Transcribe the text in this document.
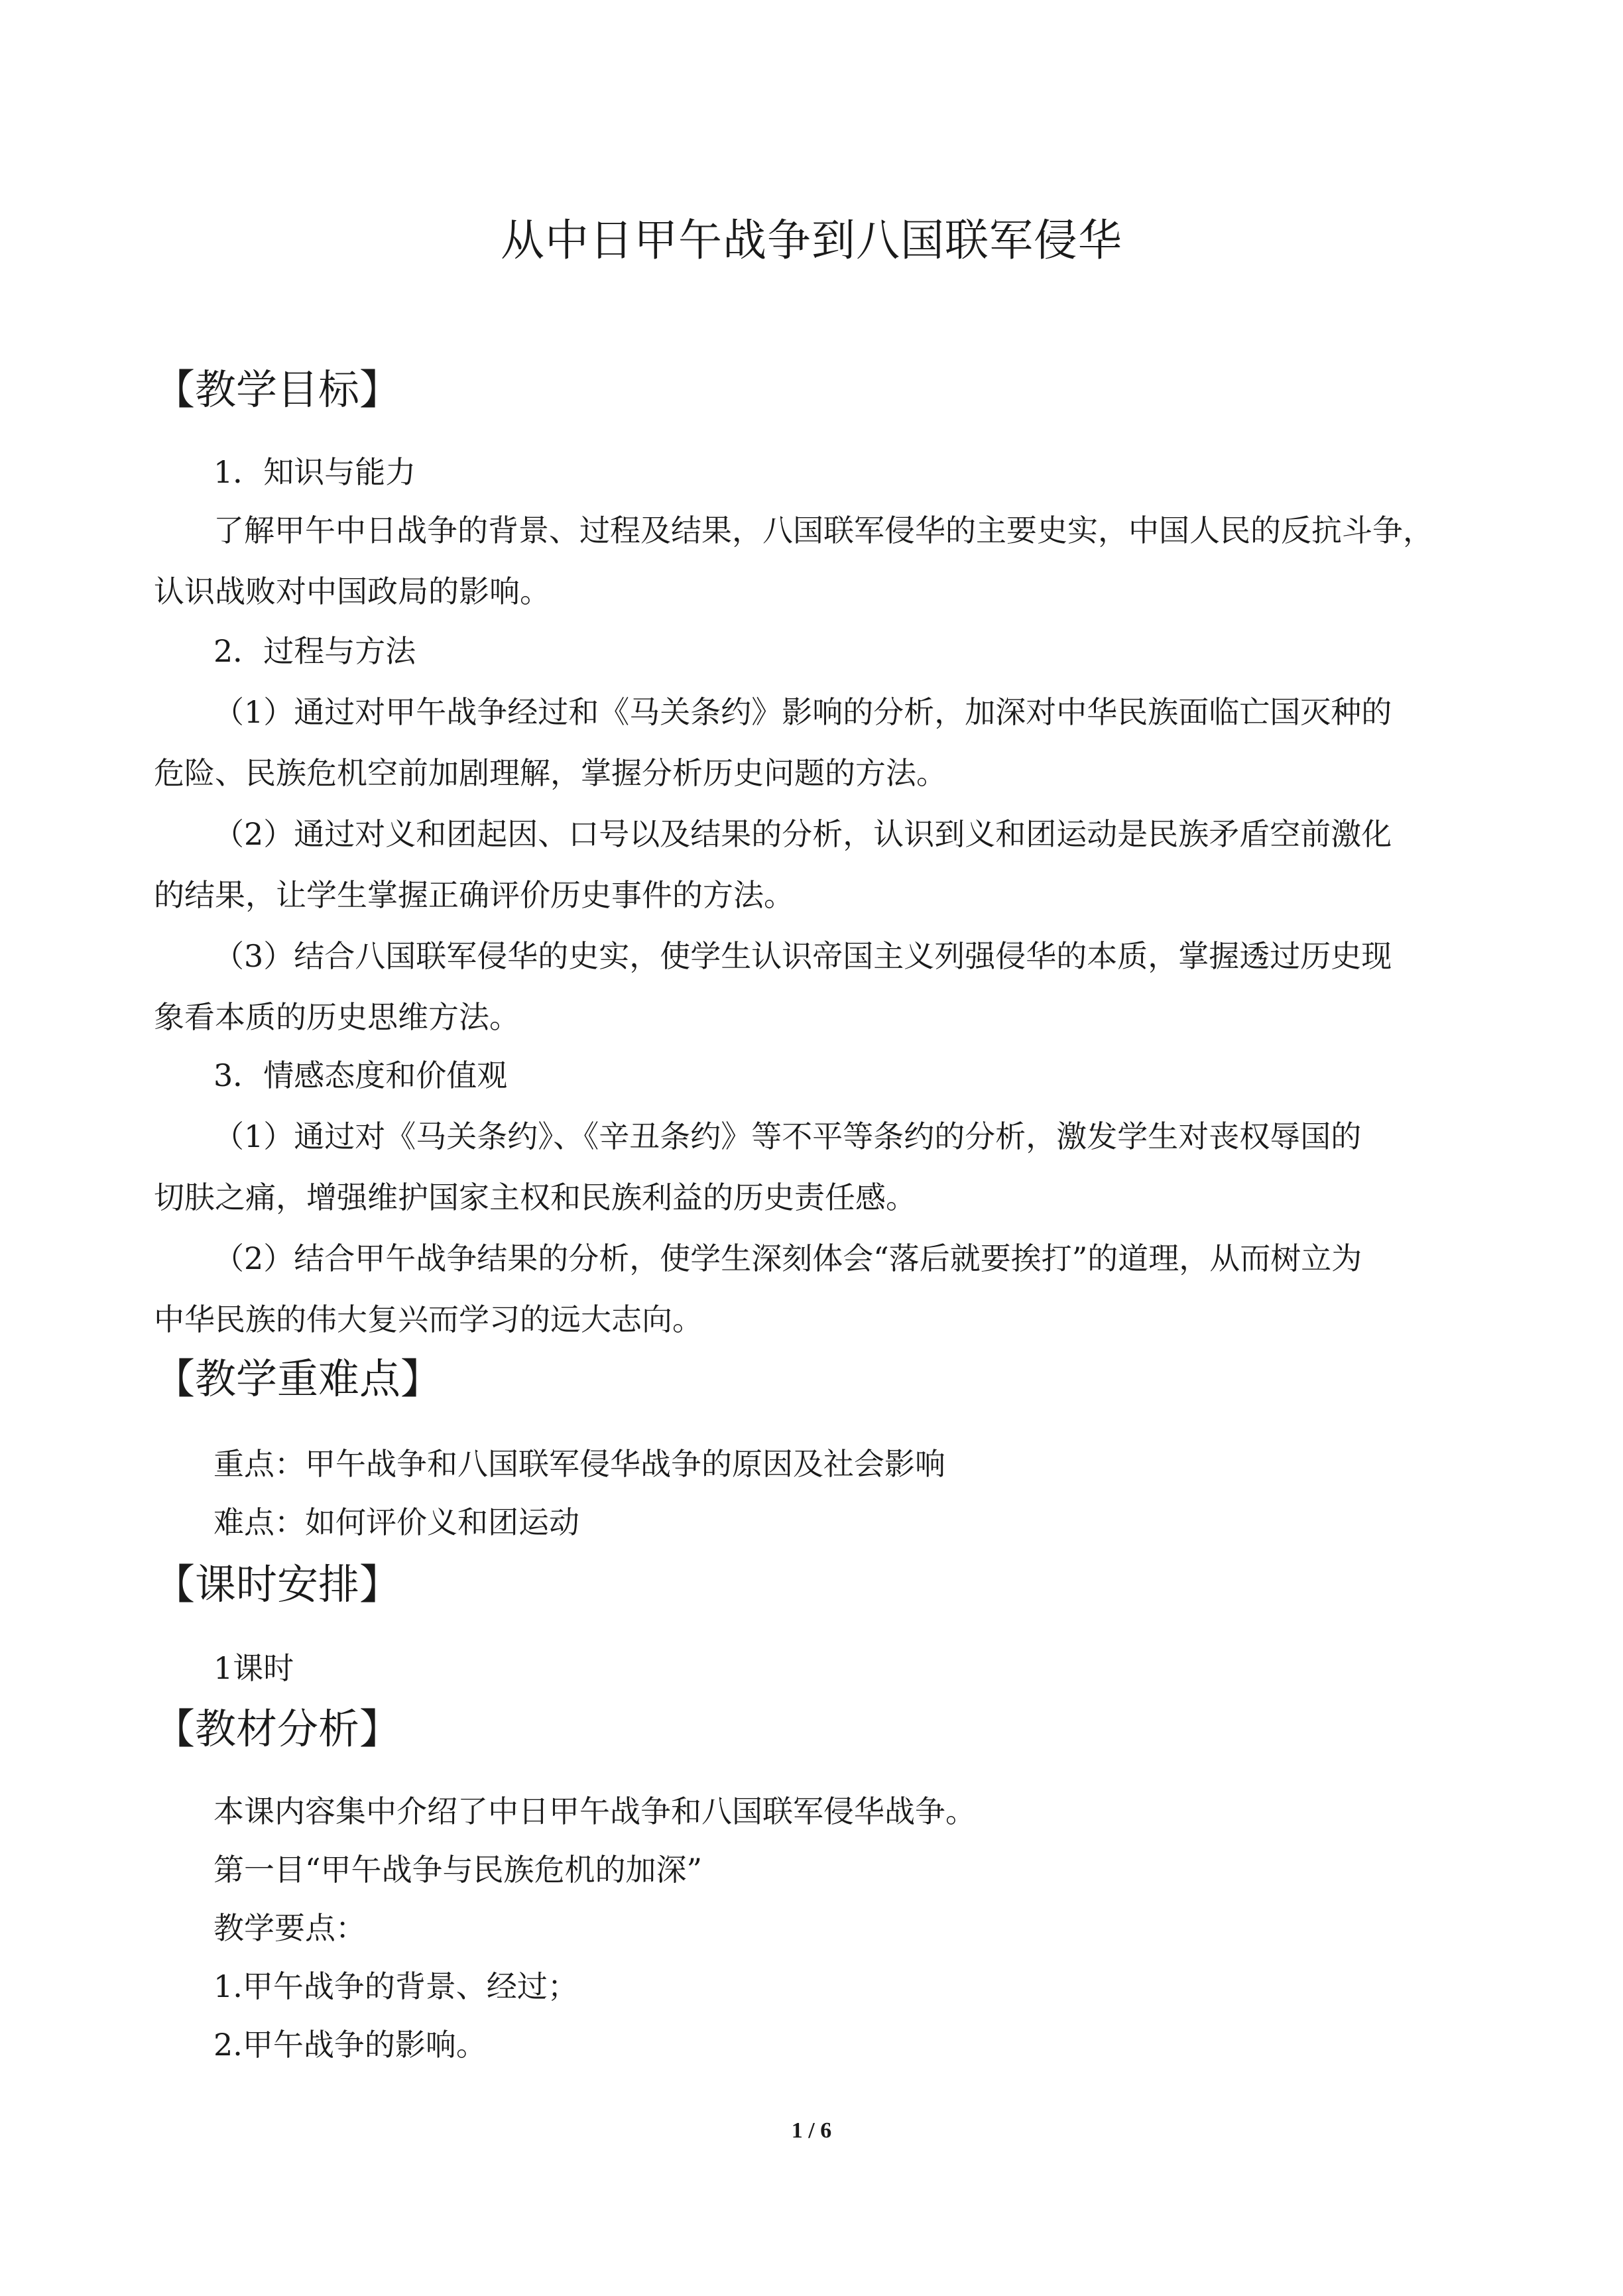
从中日甲午战争到八国联军侵华
【教学目标】
1．知识与能力
了解甲午中日战争的背景、过程及结果，八国联军侵华的主要史实，中国人民的反抗斗争，
认识战败对中国政局的影响。
2．过程与方法
（1）通过对甲午战争经过和《马关条约》影响的分析，加深对中华民族面临亡国灭种的
危险、民族危机空前加剧理解，掌握分析历史问题的方法。
（2）通过对义和团起因、口号以及结果的分析，认识到义和团运动是民族矛盾空前激化
的结果，让学生掌握正确评价历史事件的方法。
（3）结合八国联军侵华的史实，使学生认识帝国主义列强侵华的本质，掌握透过历史现
象看本质的历史思维方法。
3．情感态度和价值观
（1）通过对《马关条约》、《辛丑条约》等不平等条约的分析，激发学生对丧权辱国的
切肤之痛，增强维护国家主权和民族利益的历史责任感。
（2）结合甲午战争结果的分析，使学生深刻体会“落后就要挨打”的道理，从而树立为
中华民族的伟大复兴而学习的远大志向。
【教学重难点】
重点：甲午战争和八国联军侵华战争的原因及社会影响
难点：如何评价义和团运动
【课时安排】
1课时
【教材分析】
本课内容集中介绍了中日甲午战争和八国联军侵华战争。
第一目“甲午战争与民族危机的加深”
教学要点：
1.甲午战争的背景、经过；
2.甲午战争的影响。
1 / 6
